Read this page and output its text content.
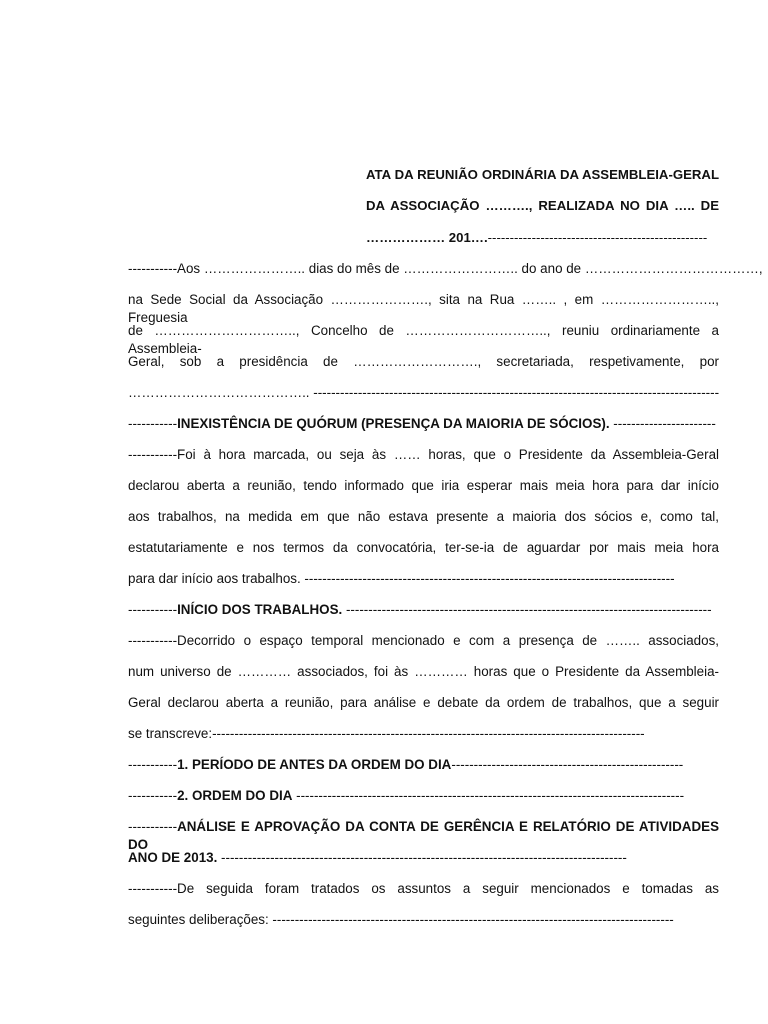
ATA DA REUNIÃO ORDINÁRIA DA ASSEMBLEIA-GERAL
DA ASSOCIAÇÃO ………., REALIZADA NO DIA ….. DE
……………… 201….--------------------------------------------------
-----------Aos ………………….. dias do mês de …………………….. do ano de …………………………………,
na Sede Social da Associação …………………., sita na Rua …….. , em …………………….., Freguesia
de ………………………….., Concelho de ………………………….., reuniu ordinariamente a Assembleia-
Geral, sob a presidência de ………………………., secretariada, respetivamente, por
………………………………….. -------------------------------------------------------------------------------------------
-----------INEXISTÊNCIA DE QUÓRUM (PRESENÇA DA MAIORIA DE SÓCIOS). -----------------------
-----------Foi à hora marcada, ou seja às …… horas, que o Presidente da Assembleia-Geral
declarou aberta a reunião, tendo informado que iria esperar mais meia hora para dar início
aos trabalhos, na medida em que não estava presente a maioria dos sócios e, como tal,
estatutariamente e nos termos da convocatória, ter-se-ia de aguardar por mais meia hora
para dar início aos trabalhos. -----------------------------------------------------------------------------------
-----------INÍCIO DOS TRABALHOS. ----------------------------------------------------------------------------------
-----------Decorrido o espaço temporal mencionado e com a presença de …….. associados,
num universo de ………… associados, foi às ………… horas que o Presidente da Assembleia-
Geral declarou aberta a reunião, para análise e debate da ordem de trabalhos, que a seguir
se transcreve:-------------------------------------------------------------------------------------------------
-----------1. PERÍODO DE ANTES DA ORDEM DO DIA----------------------------------------------------
-----------2. ORDEM DO DIA ---------------------------------------------------------------------------------------
-----------ANÁLISE E APROVAÇÃO DA CONTA DE GERÊNCIA E RELATÓRIO DE ATIVIDADES DO
ANO DE 2013. -------------------------------------------------------------------------------------------
-----------De seguida foram tratados os assuntos a seguir mencionados e tomadas as
seguintes deliberações: ------------------------------------------------------------------------------------------
